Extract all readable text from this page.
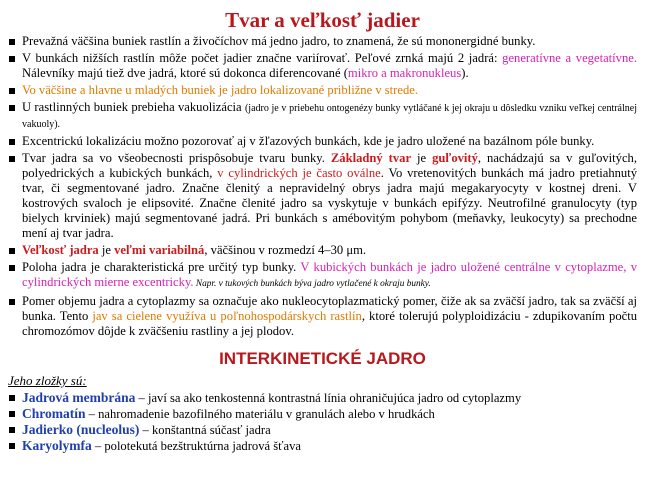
Tvar a veľkosť jadier
Prevažná väčšina buniek rastlín a živočíchov má jedno jadro, to znamená, že sú mononergidné bunky.
V bunkách nižších rastlín môže počet jadier značne variírovať. Peľové zrnká majú 2 jadrá: generatívne a vegetatívne. Nálevníky majú tiež dve jadrá, ktoré sú dokonca diferencované (mikro a makronukleus).
Vo väčšine a hlavne u mladých buniek je jadro lokalizované približne v strede.
U rastlinných buniek prebieha vakuolizácia (jadro je v priebehu ontogenézy bunky vytláčané k jej okraju u dôsledku vzniku veľkej centrálnej vakuoly).
Excentrickú lokalizáciu možno pozorovať aj v žľazových bunkách, kde je jadro uložené na bazálnom póle bunky.
Tvar jadra sa vo všeobecnosti prispôsobuje tvaru bunky. Základný tvar je guľovitý, nachádzajú sa v guľovitých, polyedrických a kubických bunkách, v cylindrických je často oválne. Vo vretenovitých bunkách má jadro pretiahnutý tvar, či segmentované jadro. Značne členitý a nepravidelný obrys jadra majú megakaryocyty v kostnej dreni. V kostrových svaloch je elipsovité. Značne členité jadro sa vyskytuje v bunkách epifýzy. Neutrofilné granulocyty (typ bielych krviniek) majú segmentované jadrá. Pri bunkách s amébovitým pohybom (meňavky, leukocyty) sa prechodne mení aj tvar jadra.
Veľkosť jadra je veľmi variabilná, väčšinou v rozmedzí 4–30 μm.
Poloha jadra je charakteristická pre určitý typ bunky. V kubických bunkách je jadro uložené centrálne v cytoplazme, v cylindrických mierne excentricky. Napr. v tukových bunkách býva jadro vytlačené k okraju bunky.
Pomer objemu jadra a cytoplazmy sa označuje ako nukleocytoplazmatický pomer, čiže ak sa zväčší jadro, tak sa zväčší aj bunka. Tento jav sa cielene využíva u poľnohospodárskych rastlín, ktoré tolerujú polyploidizáciu - zdupikovaním počtu chromozómov dôjde k zväčšeniu rastliny a jej plodov.
INTERKINETICKÉ JADRO
Jeho zložky sú:
Jadrová membrána – javí sa ako tenkostenná kontrastná línia ohraničujúca jadro od cytoplazmy
Chromatín – nahromadenie bazofilného materiálu v granulách alebo v hrudkách
Jadierko (nucleolus) – konštantná súčasť jadra
Karyolymfa – polotekutá bezštruktúrna jadrová šťava
